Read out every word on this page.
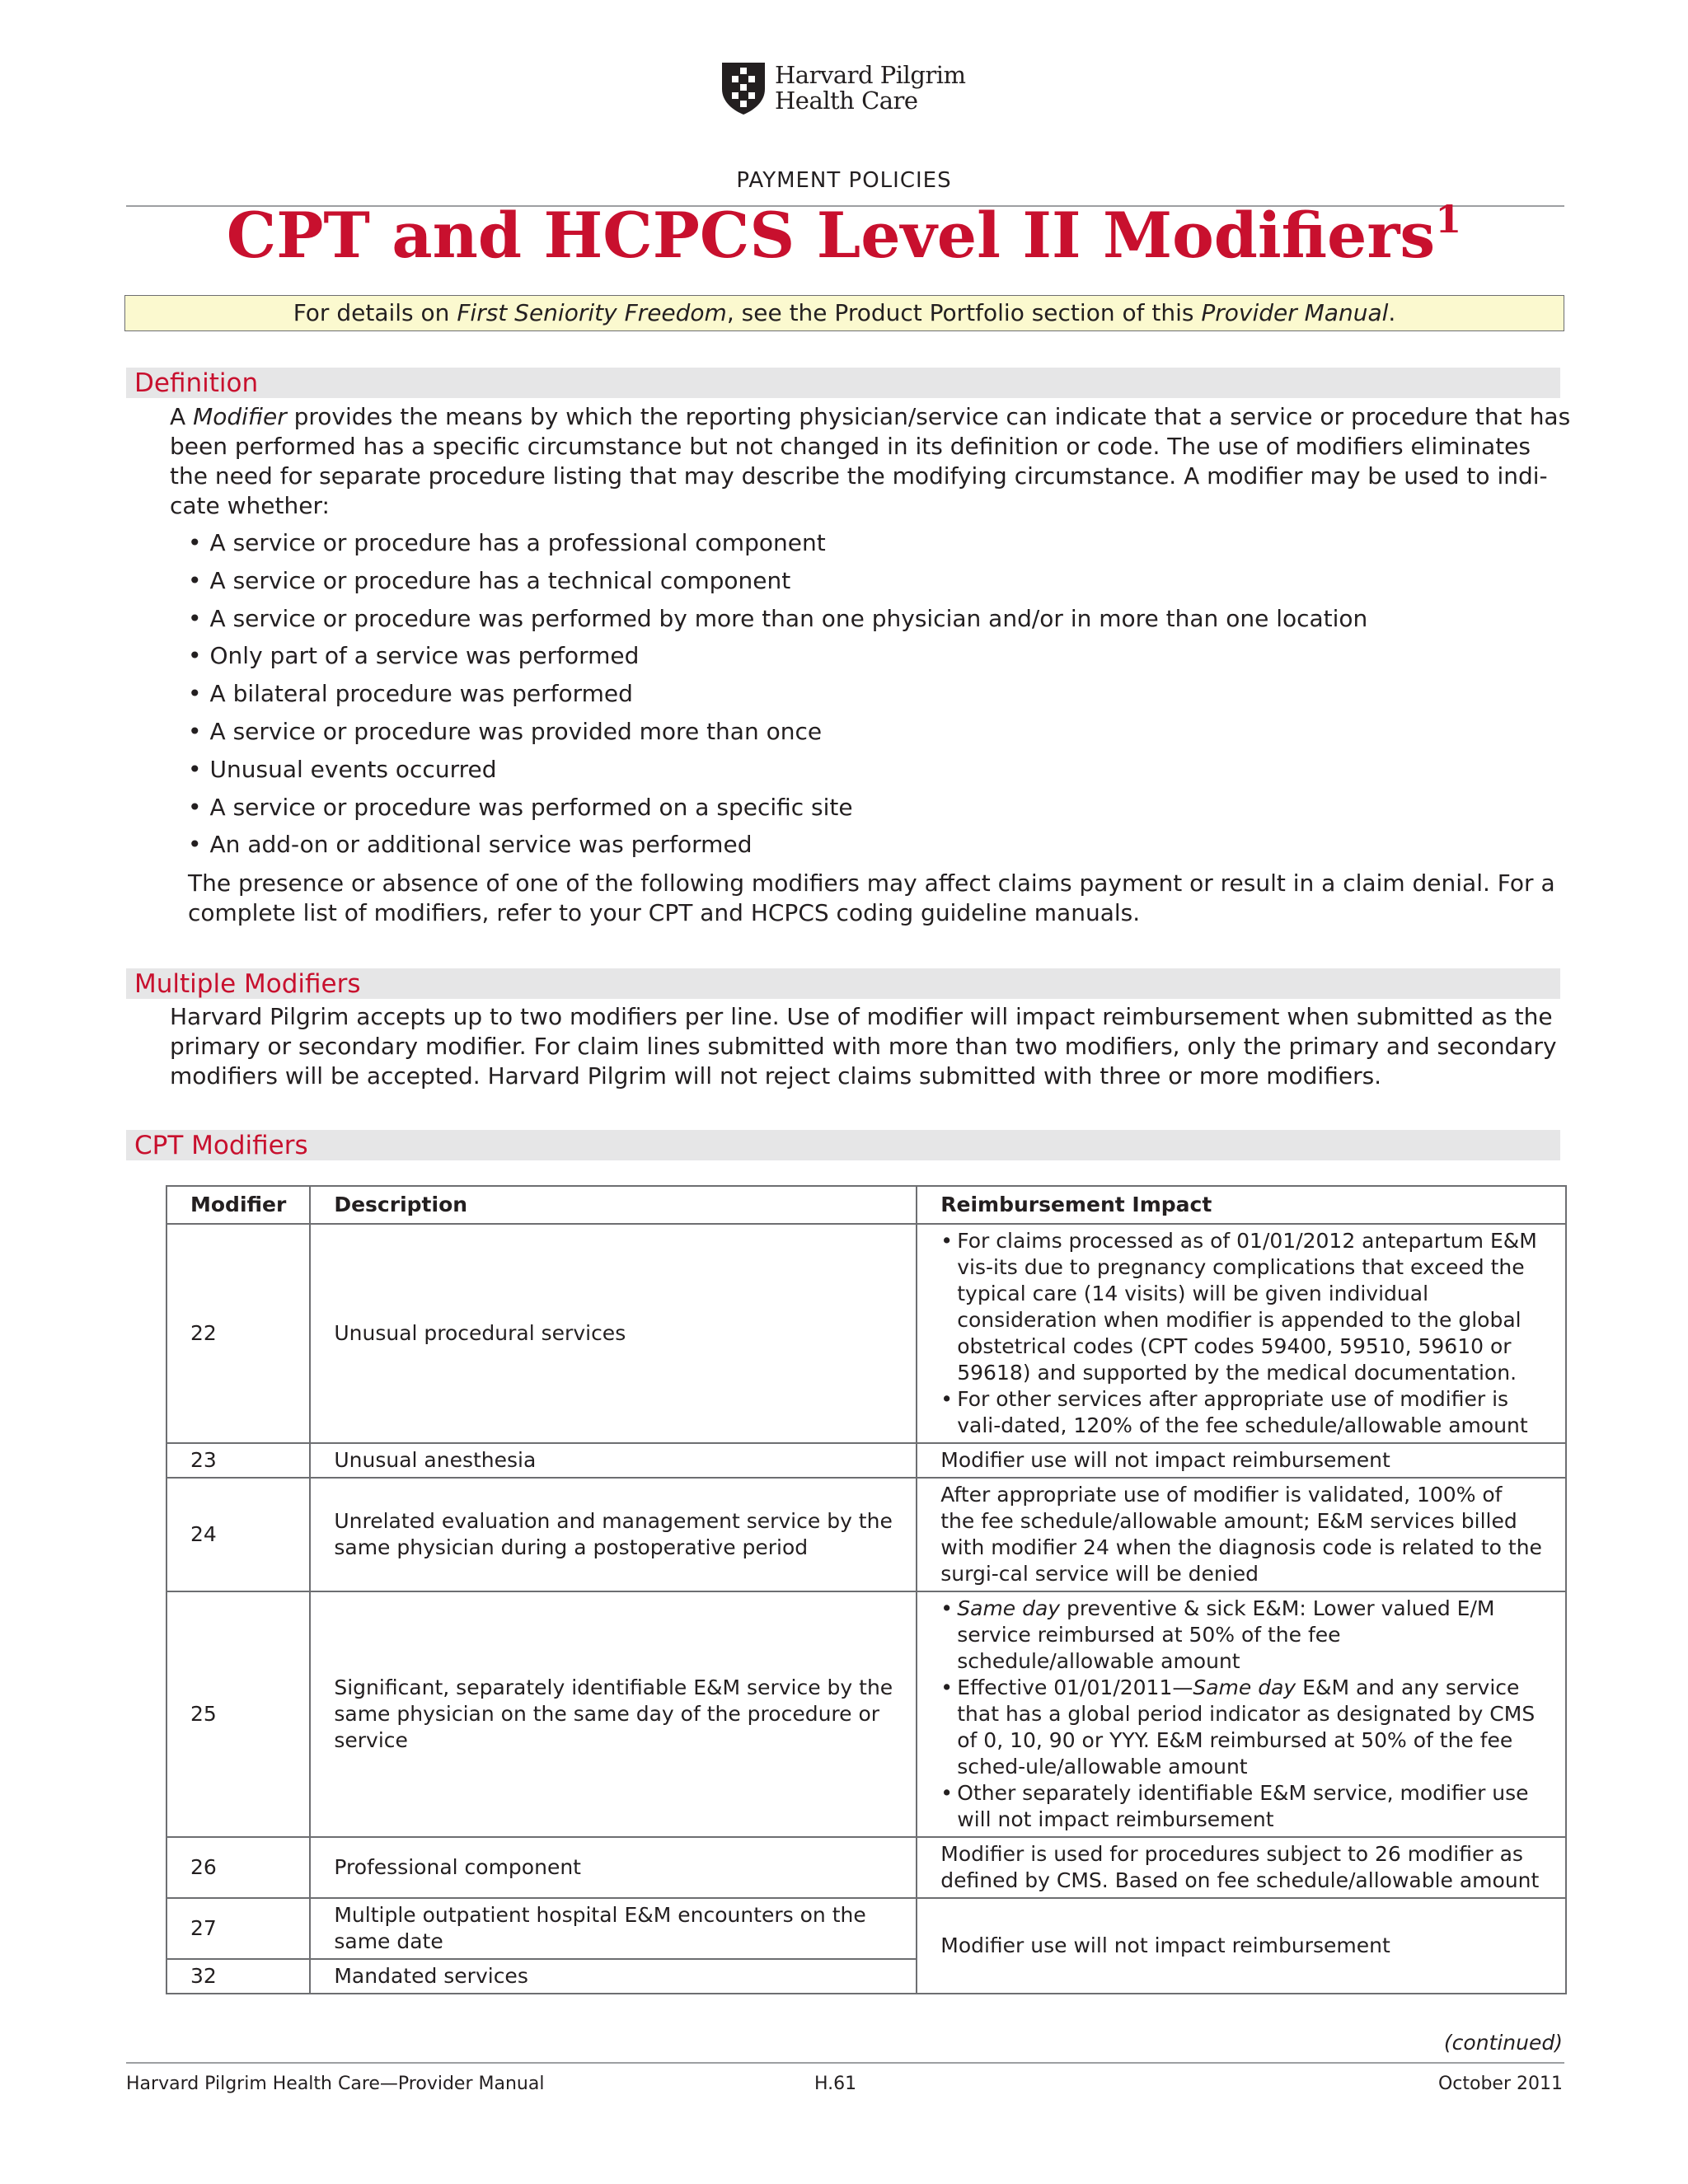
Harvard Pilgrim
Health Care
PAYMENT POLICIES
CPT and HCPCS Level II Modifiers$^1$
For details on First Seniority Freedom, see the Product Portfolio section of this Provider Manual.
Definition
A Modifier provides the means by which the reporting physician/service can indicate that a service or procedure that has
been performed has a specific circumstance but not changed in its definition or code. The use of modifiers eliminates
the need for separate procedure listing that may describe the modifying circumstance. A modifier may be used to indi-
cate whether:
• A service or procedure has a professional component
• A service or procedure has a technical component
• A service or procedure was performed by more than one physician and/or in more than one location
• Only part of a service was performed
• A bilateral procedure was performed
• A service or procedure was provided more than once
• Unusual events occurred
• A service or procedure was performed on a specific site
• An add-on or additional service was performed
The presence or absence of one of the following modifiers may affect claims payment or result in a claim denial. For a
complete list of modifiers, refer to your CPT and HCPCS coding guideline manuals.
Multiple Modifiers
Harvard Pilgrim accepts up to two modifiers per line. Use of modifier will impact reimbursement when submitted as the
primary or secondary modifier. For claim lines submitted with more than two modifiers, only the primary and secondary
modifiers will be accepted. Harvard Pilgrim will not reject claims submitted with three or more modifiers.
CPT Modifiers
Modifier	Description	Reimbursement Impact
22	Unusual procedural services	• For claims processed as of 01/01/2012 antepartum E&M vis-its due to pregnancy complications that exceed the typical care (14 visits) will be given individual consideration when modifier is appended to the global obstetrical codes (CPT codes 59400, 59510, 59610 or 59618) and supported by the medical documentation.
• For other services after appropriate use of modifier is vali-dated, 120% of the fee schedule/allowable amount

23	Unusual anesthesia	Modifier use will not impact reimbursement
24	Unrelated evaluation and management service by the same physician during a postoperative period	After appropriate use of modifier is validated, 100% of the fee schedule/allowable amount; E&M services billed with modifier 24 when the diagnosis code is related to the surgi-cal service will be denied
25	Significant, separately identifiable E&M service by the same physician on the same day of the procedure or service	• Same day preventive & sick E&M: Lower valued E/M service reimbursed at 50% of the fee schedule/allowable amount
• Effective 01/01/2011—Same day E&M and any service that has a global period indicator as designated by CMS of 0, 10, 90 or YYY. E&M reimbursed at 50% of the fee sched-ule/allowable amount
• Other separately identifiable E&M service, modifier use will not impact reimbursement

26	Professional component	Modifier is used for procedures subject to 26 modifier as defined by CMS. Based on fee schedule/allowable amount
27	Multiple outpatient hospital E&M encounters on the same date	Modifier use will not impact reimbursement
32	Mandated services	
(continued)
Harvard Pilgrim Health Care—Provider Manual	H.61	October 2011
